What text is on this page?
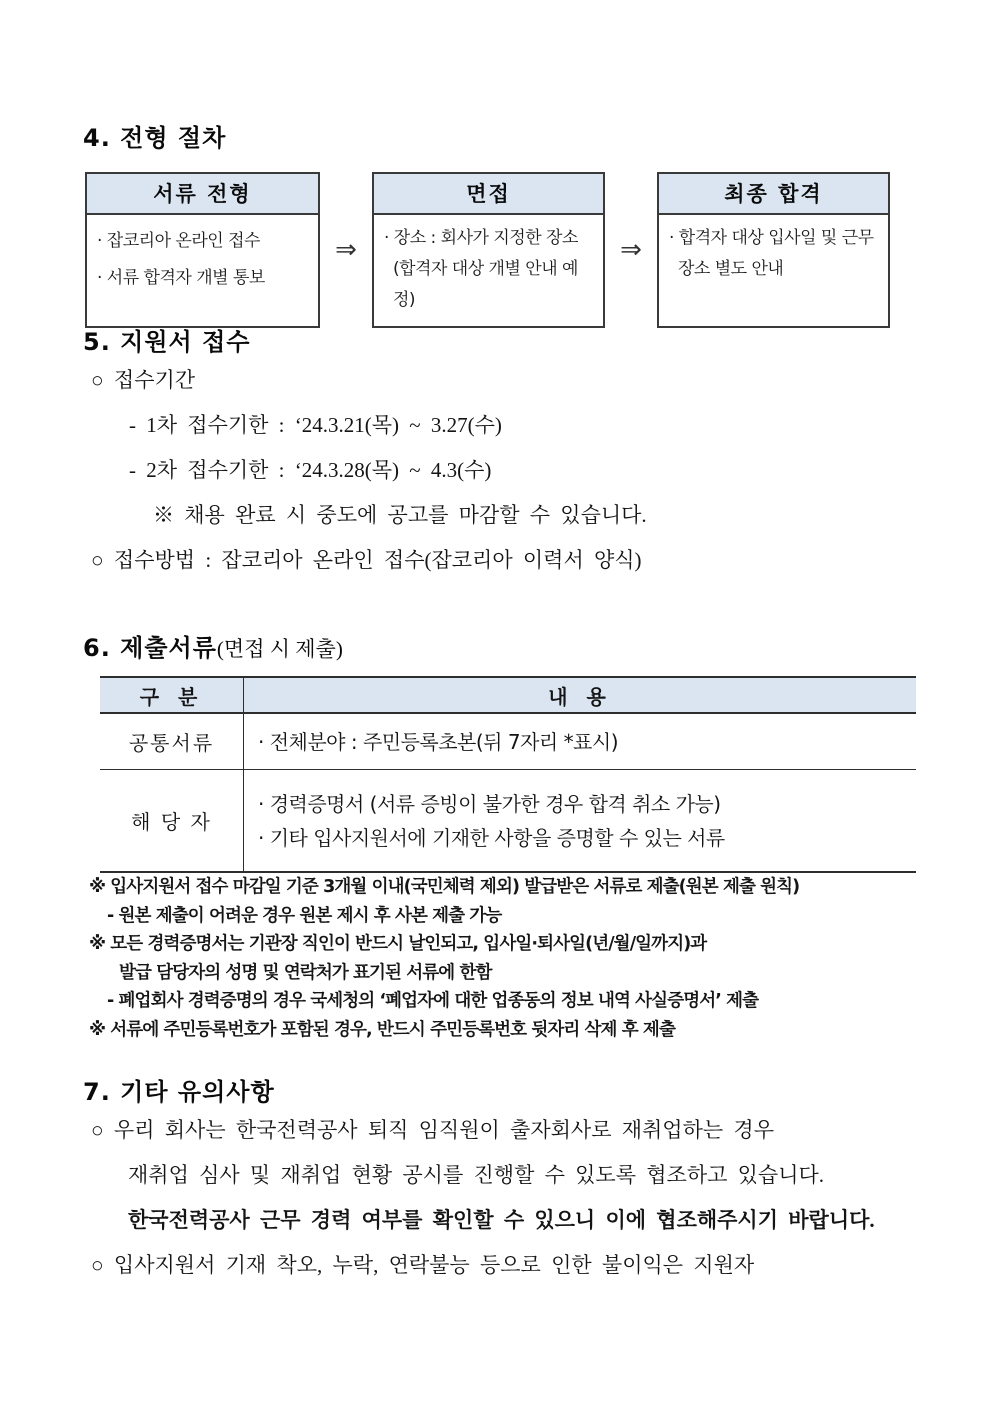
4. 전형 절차
서류 전형
· 잡코리아 온라인 접수
· 서류 합격자 개별 통보
⇒
면접
· 장소 : 회사가 지정한 장소
(합격자 대상 개별 안내 예정)
⇒
최종 합격
· 합격자 대상 입사일 및 근무
장소 별도 안내
5. 지원서 접수
○ 접수기간
- 1차 접수기한 : ‘24.3.21(목) ~ 3.27(수)
- 2차 접수기한 : ‘24.3.28(목) ~ 4.3(수)
※ 채용 완료 시 중도에 공고를 마감할 수 있습니다.
○ 접수방법 : 잡코리아 온라인 접수(잡코리아 이력서 양식)
6. 제출서류(면접 시 제출)
구 분	내 용
공통서류	· 전체분야 : 주민등록초본(뒤 7자리 *표시)
해 당 자
· 경력증명서 (서류 증빙이 불가한 경우 합격 취소 가능)
· 기타 입사지원서에 기재한 사항을 증명할 수 있는 서류
※ 입사지원서 접수 마감일 기준 3개월 이내(국민체력 제외) 발급받은 서류로 제출(원본 제출 원칙)
- 원본 제출이 어려운 경우 원본 제시 후 사본 제출 가능
※ 모든 경력증명서는 기관장 직인이 반드시 날인되고, 입사일·퇴사일(년/월/일까지)과
발급 담당자의 성명 및 연락처가 표기된 서류에 한함
- 폐업회사 경력증명의 경우 국세청의 ‘폐업자에 대한 업종동의 정보 내역 사실증명서’ 제출
※ 서류에 주민등록번호가 포함된 경우, 반드시 주민등록번호 뒷자리 삭제 후 제출
7. 기타 유의사항
○ 우리 회사는 한국전력공사 퇴직 임직원이 출자회사로 재취업하는 경우
재취업 심사 및 재취업 현황 공시를 진행할 수 있도록 협조하고 있습니다.
한국전력공사 근무 경력 여부를 확인할 수 있으니 이에 협조해주시기 바랍니다.
○ 입사지원서 기재 착오, 누락, 연락불능 등으로 인한 불이익은 지원자
